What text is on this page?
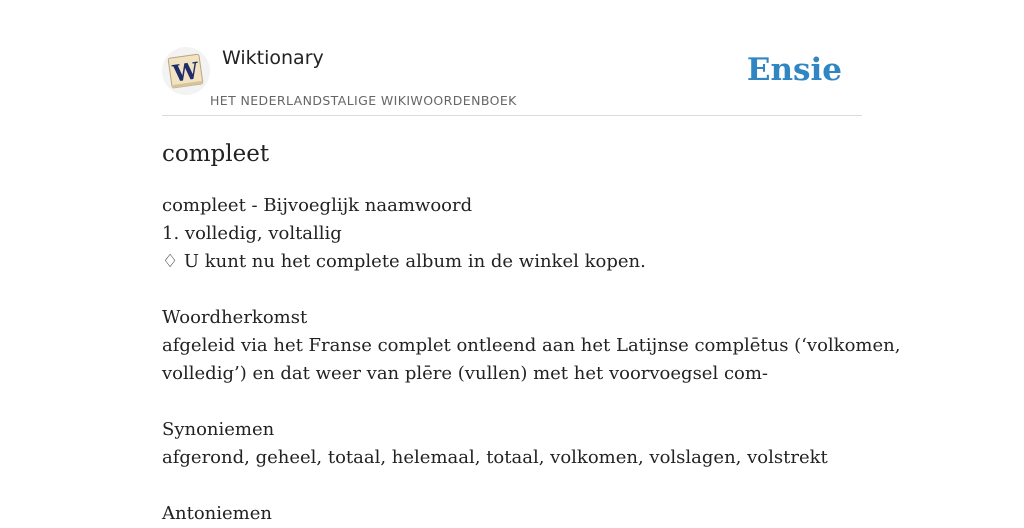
W Wiktionary
HET NEDERLANDSTALIGE WIKIWOORDENBOEK
Ensie
compleet
compleet - Bijvoeglijk naamwoord
1. volledig, voltallig
♢ U kunt nu het complete album in de winkel kopen.
Woordherkomst
afgeleid via het Franse complet ontleend aan het Latijnse complētus (‘volkomen,
volledig’) en dat weer van plēre (vullen) met het voorvoegsel com-
Synoniemen
afgerond, geheel, totaal, helemaal, totaal, volkomen, volslagen, volstrekt
Antoniemen
